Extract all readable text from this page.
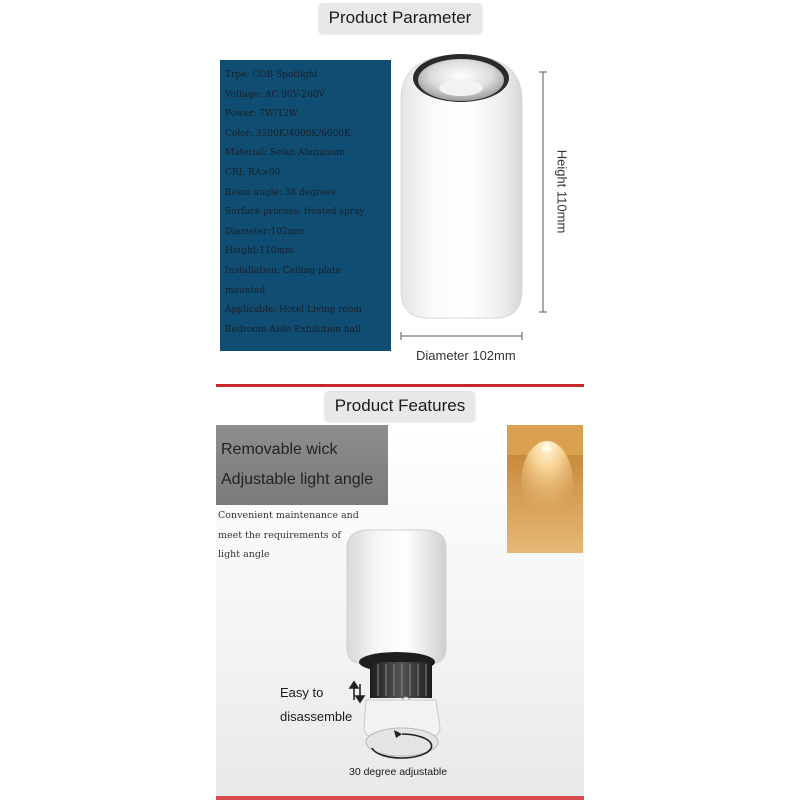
Product Parameter
Trpe: COB Spotlight
Voltage: AC 90V-260V
Power: 7W/12W
Color: 3500K/4000K/6000K
Material: Seiko Aluminum
CRI: RA>90
Beam angle: 38 degrees
Surface process: frosted spray
Diameter:102mm
Height:110mm
Installation: Ceiling plate
mounted
Applicable: Hotel Living room
Bedroom Aisle Exhibition hall
Height 110mm
Diameter 102mm
Product Features
Removable wick
Adjustable light angle
Convenient maintenance and
meet the requirements of
light angle
Easy to
disassemble
30 degree adjustable
